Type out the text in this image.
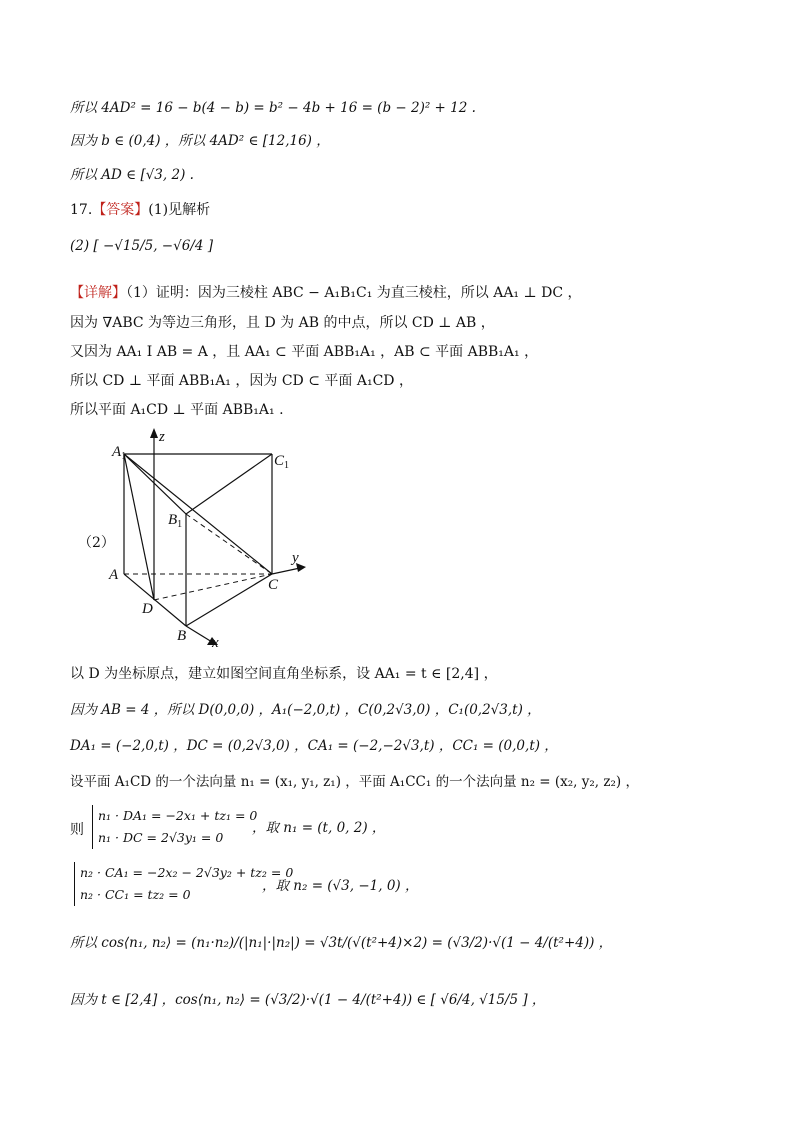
所以 4AD² = 16 − b(4 − b) = b² − 4b + 16 = (b − 2)² + 12 .
因为 b ∈ (0,4) ，所以 4AD² ∈ [12,16) ，
所以 AD ∈ [√3, 2) .
17.【答案】(1)见解析
(2) [ −√15/5, −√6/4 ]
【详解】（1）证明：因为三棱柱 ABC − A₁B₁C₁ 为直三棱柱，所以 AA₁ ⊥ DC ，
因为 ∇ABC 为等边三角形，且 D 为 AB 的中点，所以 CD ⊥ AB ，
又因为 AA₁ I AB = A ，且 AA₁ ⊂ 平面 ABB₁A₁ ，AB ⊂ 平面 ABB₁A₁ ，
所以 CD ⊥ 平面 ABB₁A₁ ，因为 CD ⊂ 平面 A₁CD ，
所以平面 A₁CD ⊥ 平面 ABB₁A₁ .
（2）
$A_1$	$C_1$
$B_1$
A
C
D
B
z
y
x
以 D 为坐标原点，建立如图空间直角坐标系，设 AA₁ = t ∈ [2,4] ，
因为 AB = 4 ，所以 D(0,0,0) ，A₁(−2,0,t) ，C(0,2√3,0) ，C₁(0,2√3,t) ，
DA₁ = (−2,0,t) ，DC = (0,2√3,0) ，CA₁ = (−2,−2√3,t) ，CC₁ = (0,0,t) ，
设平面 A₁CD 的一个法向量 n₁ = (x₁, y₁, z₁) ，平面 A₁CC₁ 的一个法向量 n₂ = (x₂, y₂, z₂) ，
则
n₁ · DA₁ = −2x₁ + tz₁ = 0
n₁ · DC = 2√3y₁ = 0
，取 n₁ = (t, 0, 2) ，
n₂ · CA₁ = −2x₂ − 2√3y₂ + tz₂ = 0
n₂ · CC₁ = tz₂ = 0
，取 n₂ = (√3, −1, 0) ，
所以 cos⟨n₁, n₂⟩ = (n₁·n₂)/(|n₁|·|n₂|) = √3t/(√(t²+4)×2) = (√3/2)·√(1 − 4/(t²+4)) ，
因为 t ∈ [2,4] ，cos⟨n₁, n₂⟩ = (√3/2)·√(1 − 4/(t²+4)) ∈ [ √6/4, √15/5 ] ，
